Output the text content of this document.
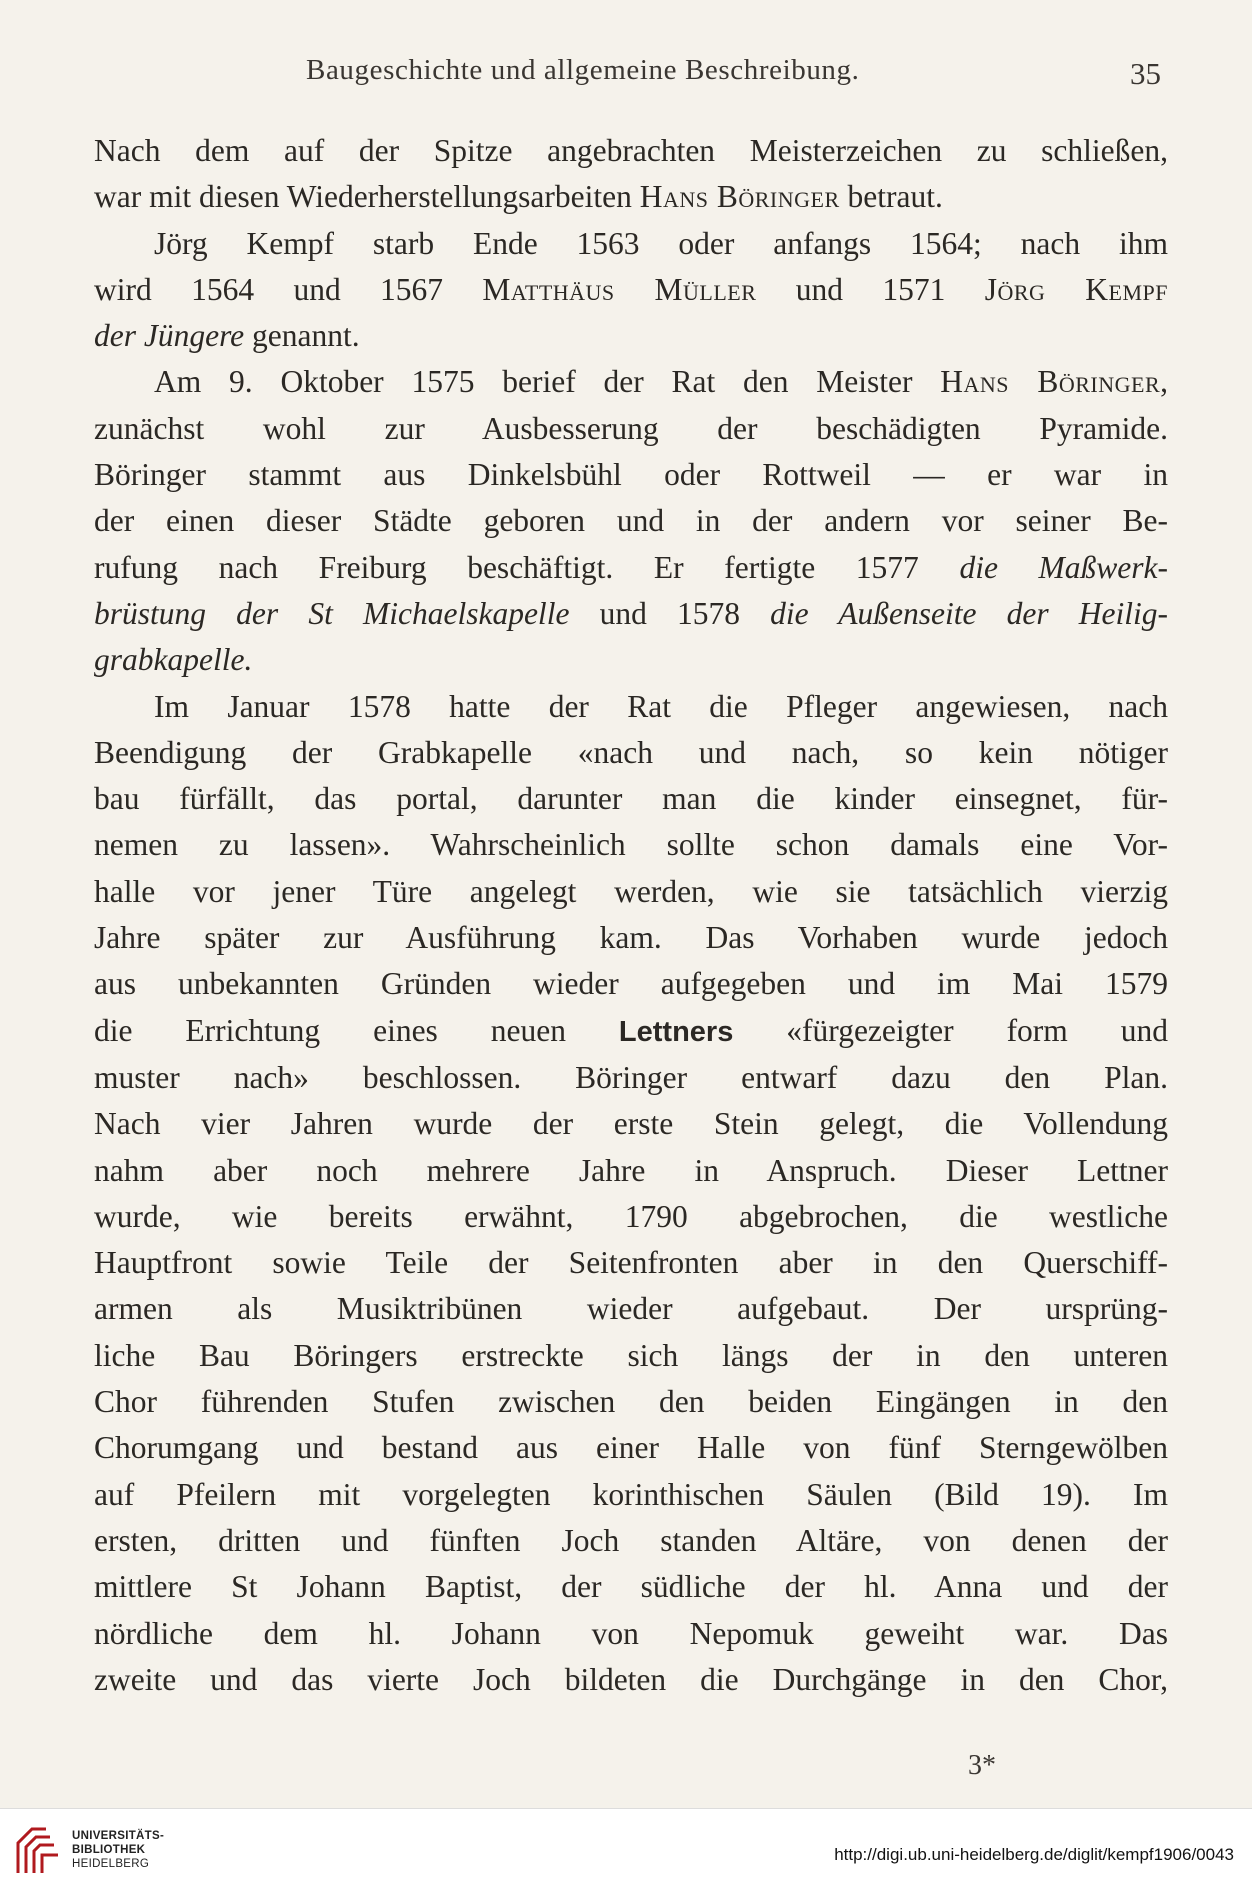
Baugeschichte und allgemeine Beschreibung.	35

Nach dem auf der Spitze angebrachten Meisterzeichen zu schließen,
war mit diesen Wiederherstellungsarbeiten Hans Böringer betraut.

Jörg Kempf starb Ende 1563 oder anfangs 1564; nach ihm
wird 1564 und 1567 Matthäus Müller und 1571 Jörg Kempf
der Jüngere genannt.

Am 9. Oktober 1575 berief der Rat den Meister Hans Böringer,
zunächst wohl zur Ausbesserung der beschädigten Pyramide.
Böringer stammt aus Dinkelsbühl oder Rottweil — er war in
der einen dieser Städte geboren und in der andern vor seiner Be-
rufung nach Freiburg beschäftigt. Er fertigte 1577 die Maßwerk-
brüstung der St Michaelskapelle und 1578 die Außenseite der Heilig-
grabkapelle.

Im Januar 1578 hatte der Rat die Pfleger angewiesen, nach
Beendigung der Grabkapelle «nach und nach, so kein nötiger
bau fürfällt, das portal, darunter man die kinder einsegnet, für-
nemen zu lassen». Wahrscheinlich sollte schon damals eine Vor-
halle vor jener Türe angelegt werden, wie sie tatsächlich vierzig
Jahre später zur Ausführung kam. Das Vorhaben wurde jedoch
aus unbekannten Gründen wieder aufgegeben und im Mai 1579
die Errichtung eines neuen Lettners «fürgezeigter form und
muster nach» beschlossen. Böringer entwarf dazu den Plan.
Nach vier Jahren wurde der erste Stein gelegt, die Vollendung
nahm aber noch mehrere Jahre in Anspruch. Dieser Lettner
wurde, wie bereits erwähnt, 1790 abgebrochen, die westliche
Hauptfront sowie Teile der Seitenfronten aber in den Querschiff-
armen als Musiktribünen wieder aufgebaut. Der ursprüng-
liche Bau Böringers erstreckte sich längs der in den unteren
Chor führenden Stufen zwischen den beiden Eingängen in den
Chorumgang und bestand aus einer Halle von fünf Sterngewölben
auf Pfeilern mit vorgelegten korinthischen Säulen (Bild 19). Im
ersten, dritten und fünften Joch standen Altäre, von denen der
mittlere St Johann Baptist, der südliche der hl. Anna und der
nördliche dem hl. Johann von Nepomuk geweiht war. Das
zweite und das vierte Joch bildeten die Durchgänge in den Chor,

3*
UNIVERSITÄTS-
BIBLIOTHEK
HEIDELBERG	http://digi.ub.uni-heidelberg.de/diglit/kempf1906/0043
